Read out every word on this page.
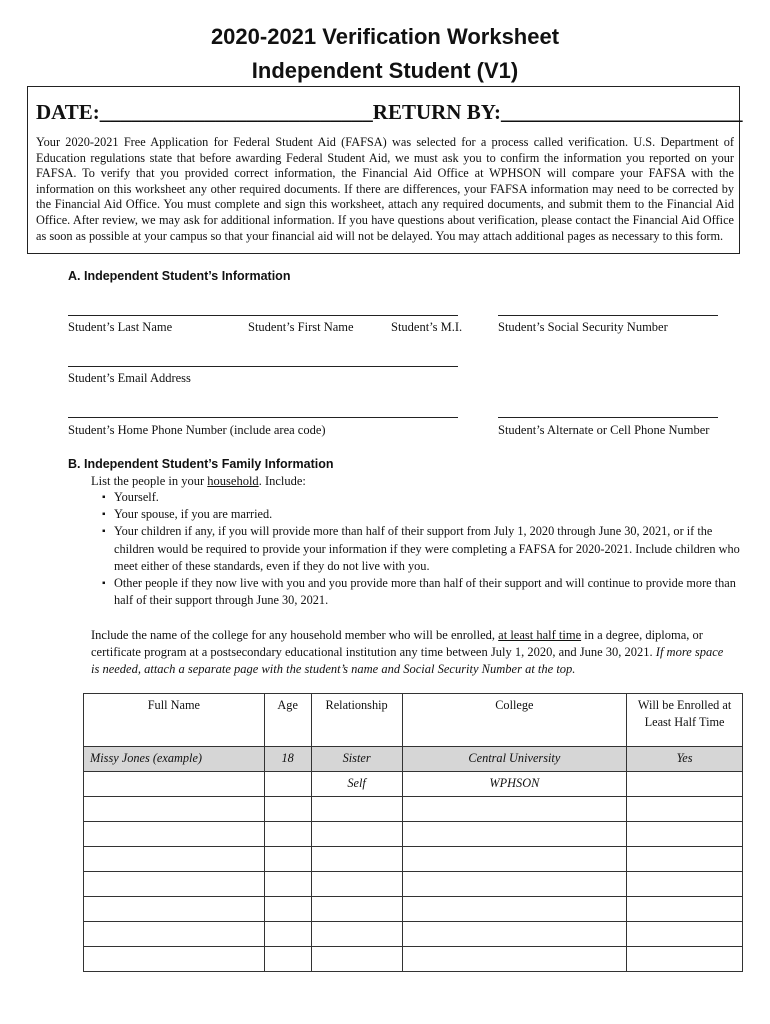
2020-2021 Verification Worksheet
Independent Student (V1)
DATE:__________________________RETURN BY:_______________________
Your 2020-2021 Free Application for Federal Student Aid (FAFSA) was selected for a process called verification. U.S. Department of Education regulations state that before awarding Federal Student Aid, we must ask you to confirm the information you reported on your FAFSA. To verify that you provided correct information, the Financial Aid Office at WPHSON will compare your FAFSA with the information on this worksheet any other required documents. If there are differences, your FAFSA information may need to be corrected by the Financial Aid Office. You must complete and sign this worksheet, attach any required documents, and submit them to the Financial Aid Office. After review, we may ask for additional information. If you have questions about verification, please contact the Financial Aid Office as soon as possible at your campus so that your financial aid will not be delayed. You may attach additional pages as necessary to this form.
A. Independent Student’s Information
Student’s Last Name	Student’s First Name	Student’s M.I.	Student’s Social Security Number
Student’s Email Address
Student’s Home Phone Number (include area code)	Student’s Alternate or Cell Phone Number
B. Independent Student’s Family Information
List the people in your household. Include:
▪ Yourself.
▪ Your spouse, if you are married.
▪ Your children if any, if you will provide more than half of their support from July 1, 2020 through June 30, 2021, or if the children would be required to provide your information if they were completing a FAFSA for 2020-2021. Include children who meet either of these standards, even if they do not live with you.
▪ Other people if they now live with you and you provide more than half of their support and will continue to provide more than half of their support through June 30, 2021.
Include the name of the college for any household member who will be enrolled, at least half time in a degree, diploma, or certificate program at a postsecondary educational institution any time between July 1, 2020, and June 30, 2021. If more space is needed, attach a separate page with the student’s name and Social Security Number at the top.
Full Name	Age	Relationship	College	Will be Enrolled at Least Half Time
Missy Jones (example)	18	Sister	Central University	Yes
		Self	WPHSON	
